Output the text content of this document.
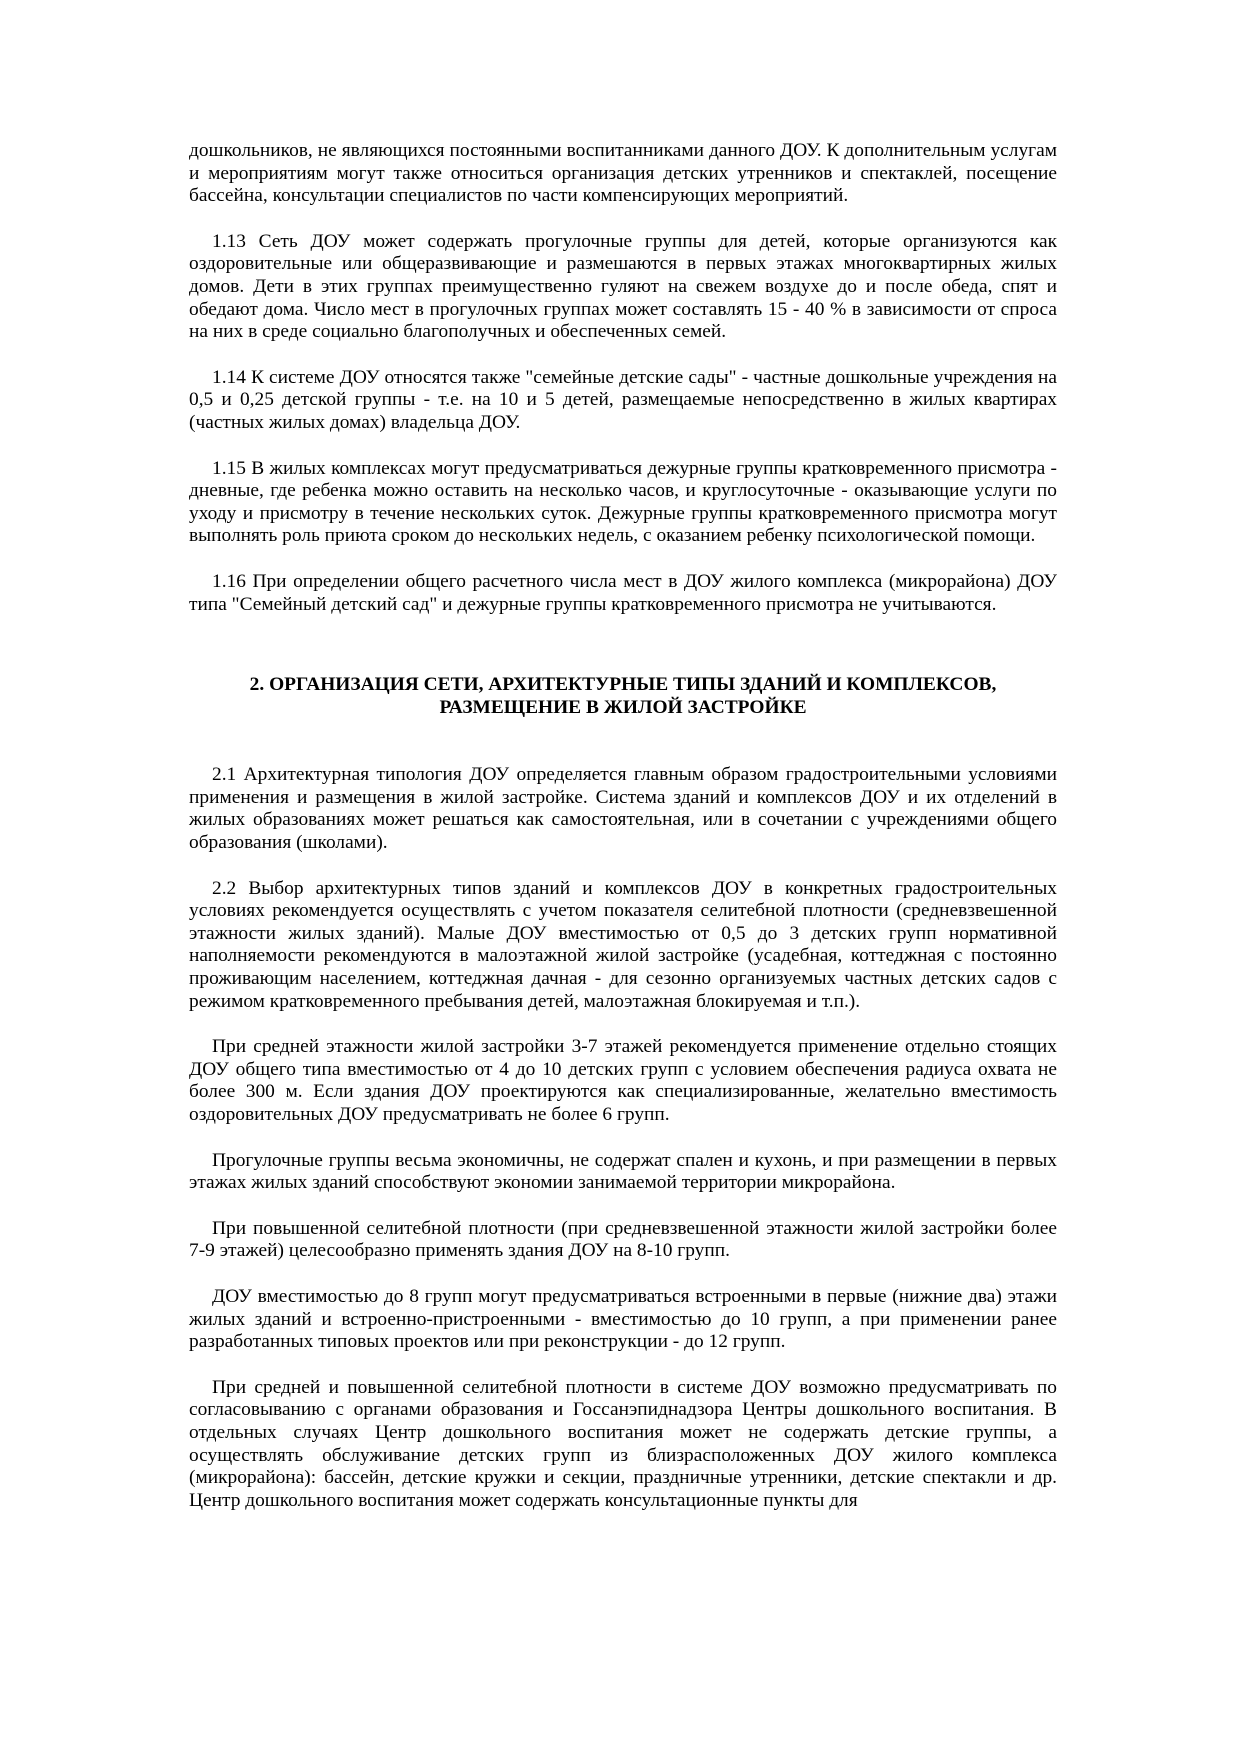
дошкольников, не являющихся постоянными воспитанниками данного ДОУ. К дополнительным услугам и мероприятиям могут также относиться организация детских утренников и спектаклей, посещение бассейна, консультации специалистов по части компенсирующих мероприятий.

1.13 Сеть ДОУ может содержать прогулочные группы для детей, которые организуются как оздоровительные или общеразвивающие и размешаются в первых этажах многоквартирных жилых домов. Дети в этих группах преимущественно гуляют на свежем воздухе до и после обеда, спят и обедают дома. Число мест в прогулочных группах может составлять 15 - 40 % в зависимости от спроса на них в среде социально благополучных и обеспеченных семей.

1.14 К системе ДОУ относятся также "семейные детские сады" - частные дошкольные учреждения на 0,5 и 0,25 детской группы - т.е. на 10 и 5 детей, размещаемые непосредственно в жилых квартирах (частных жилых домах) владельца ДОУ.

1.15 В жилых комплексах могут предусматриваться дежурные группы кратковременного присмотра - дневные, где ребенка можно оставить на несколько часов, и круглосуточные - оказывающие услуги по уходу и присмотру в течение нескольких суток. Дежурные группы кратковременного присмотра могут выполнять роль приюта сроком до нескольких недель, с оказанием ребенку психологической помощи.

1.16 При определении общего расчетного числа мест в ДОУ жилого комплекса (микрорайона) ДОУ типа "Семейный детский сад" и дежурные группы кратковременного присмотра не учитываются.

2. ОРГАНИЗАЦИЯ СЕТИ, АРХИТЕКТУРНЫЕ ТИПЫ ЗДАНИЙ И КОМПЛЕКСОВ,
РАЗМЕЩЕНИЕ В ЖИЛОЙ ЗАСТРОЙКЕ

2.1 Архитектурная типология ДОУ определяется главным образом градостроительными условиями применения и размещения в жилой застройке. Система зданий и комплексов ДОУ и их отделений в жилых образованиях может решаться как самостоятельная, или в сочетании с учреждениями общего образования (школами).

2.2 Выбор архитектурных типов зданий и комплексов ДОУ в конкретных градостроительных условиях рекомендуется осуществлять с учетом показателя селитебной плотности (средневзвешенной этажности жилых зданий). Малые ДОУ вместимостью от 0,5 до 3 детских групп нормативной наполняемости рекомендуются в малоэтажной жилой застройке (усадебная, коттеджная с постоянно проживающим населением, коттеджная дачная - для сезонно организуемых частных детских садов с режимом кратковременного пребывания детей, малоэтажная блокируемая и т.п.).

При средней этажности жилой застройки 3-7 этажей рекомендуется применение отдельно стоящих ДОУ общего типа вместимостью от 4 до 10 детских групп с условием обеспечения радиуса охвата не более 300 м. Если здания ДОУ проектируются как специализированные, желательно вместимость оздоровительных ДОУ предусматривать не более 6 групп.

Прогулочные группы весьма экономичны, не содержат спален и кухонь, и при размещении в первых этажах жилых зданий способствуют экономии занимаемой территории микрорайона.

При повышенной селитебной плотности (при средневзвешенной этажности жилой застройки более 7-9 этажей) целесообразно применять здания ДОУ на 8-10 групп.

ДОУ вместимостью до 8 групп могут предусматриваться встроенными в первые (нижние два) этажи жилых зданий и встроенно-пристроенными - вместимостью до 10 групп, а при применении ранее разработанных типовых проектов или при реконструкции - до 12 групп.

При средней и повышенной селитебной плотности в системе ДОУ возможно предусматривать по согласовыванию с органами образования и Госсанэпиднадзора Центры дошкольного воспитания. В отдельных случаях Центр дошкольного воспитания может не содержать детские группы, а осуществлять обслуживание детских групп из близрасположенных ДОУ жилого комплекса (микрорайона): бассейн, детские кружки и секции, праздничные утренники, детские спектакли и др. Центр дошкольного воспитания может содержать консультационные пункты для
